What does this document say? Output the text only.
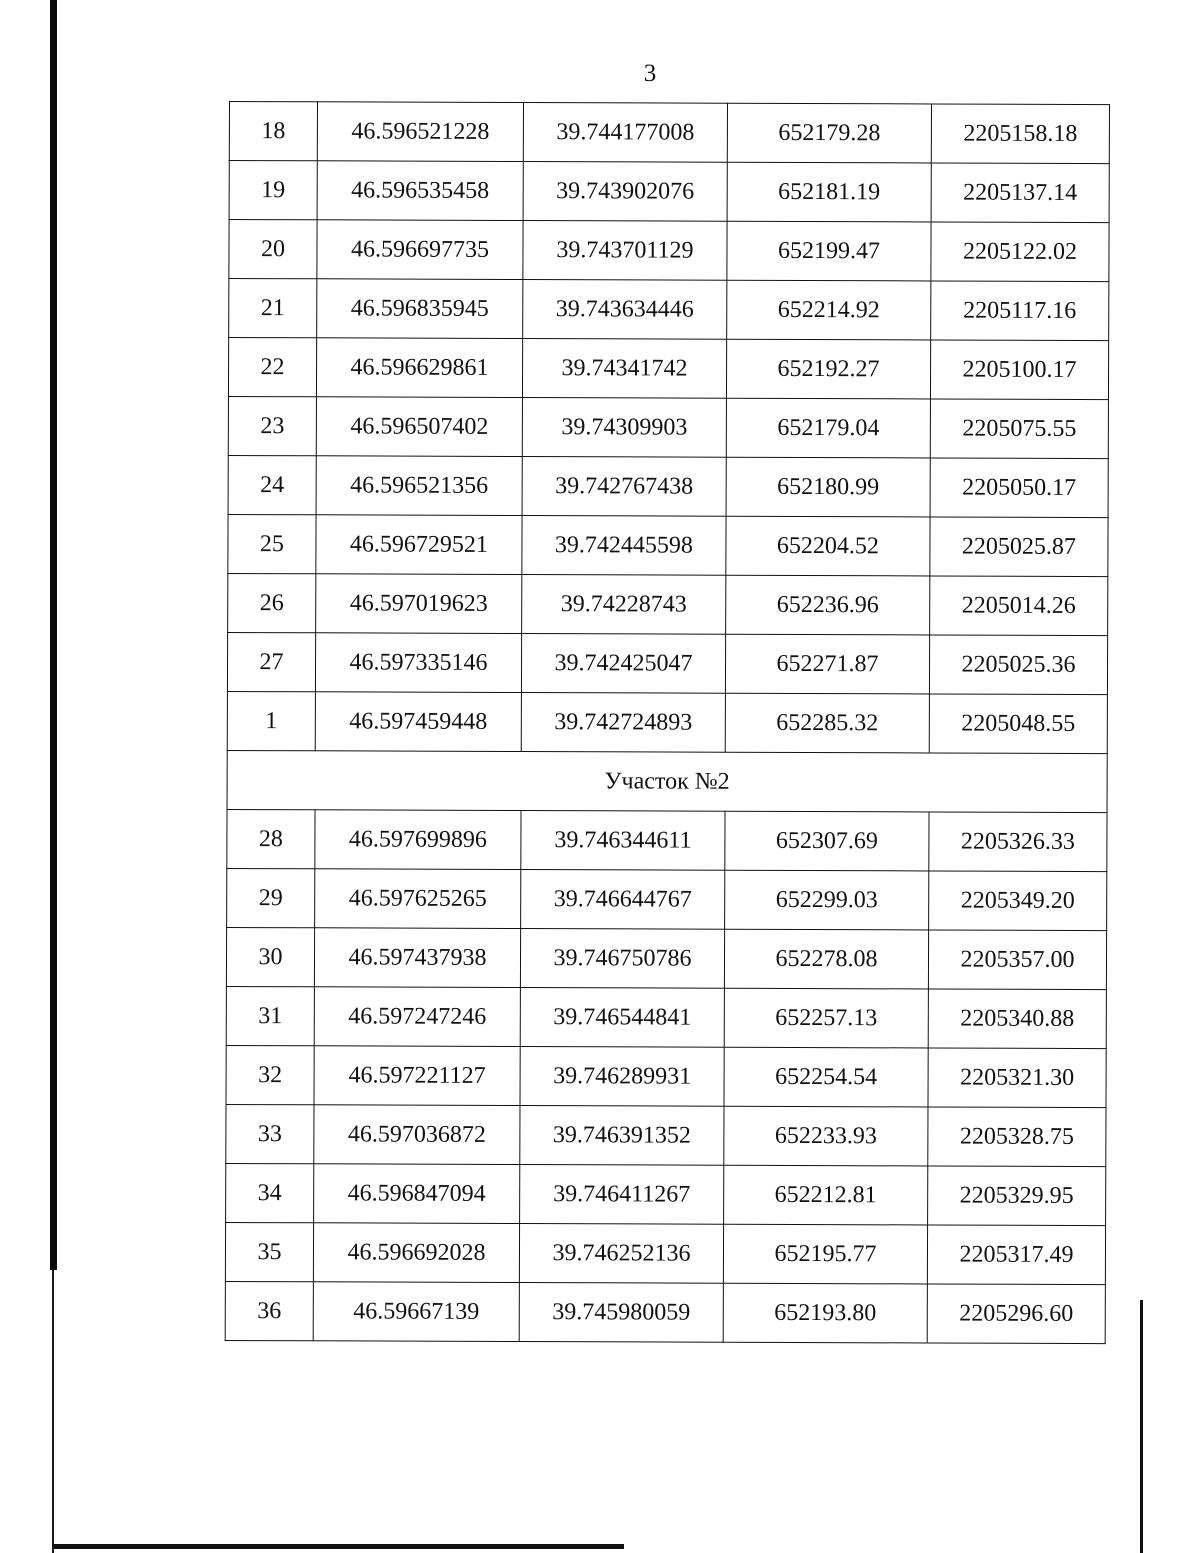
3
18	46.596521228	39.744177008	652179.28	2205158.18
19	46.596535458	39.743902076	652181.19	2205137.14
20	46.596697735	39.743701129	652199.47	2205122.02
21	46.596835945	39.743634446	652214.92	2205117.16
22	46.596629861	39.74341742	652192.27	2205100.17
23	46.596507402	39.74309903	652179.04	2205075.55
24	46.596521356	39.742767438	652180.99	2205050.17
25	46.596729521	39.742445598	652204.52	2205025.87
26	46.597019623	39.74228743	652236.96	2205014.26
27	46.597335146	39.742425047	652271.87	2205025.36
1	46.597459448	39.742724893	652285.32	2205048.55
Участок №2				
28	46.597699896	39.746344611	652307.69	2205326.33
29	46.597625265	39.746644767	652299.03	2205349.20
30	46.597437938	39.746750786	652278.08	2205357.00
31	46.597247246	39.746544841	652257.13	2205340.88
32	46.597221127	39.746289931	652254.54	2205321.30
33	46.597036872	39.746391352	652233.93	2205328.75
34	46.596847094	39.746411267	652212.81	2205329.95
35	46.596692028	39.746252136	652195.77	2205317.49
36	46.59667139	39.745980059	652193.80	2205296.60
